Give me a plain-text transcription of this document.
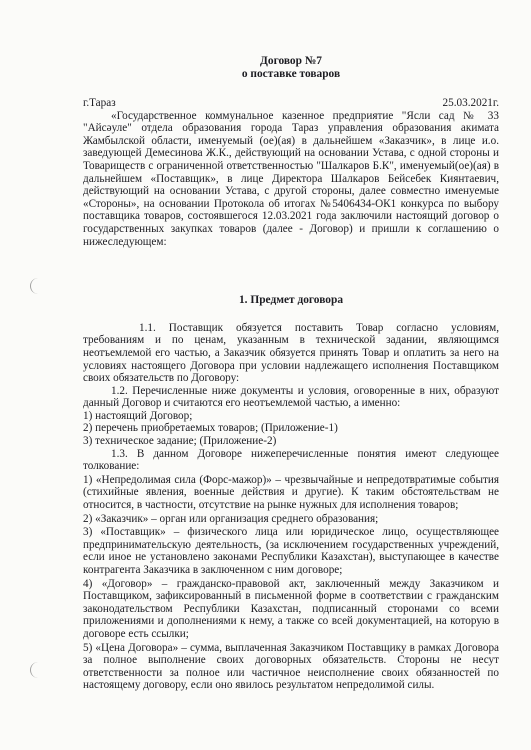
Договор №7
о поставке товаров
г.Тараз	25.03.2021г.

«Государственное коммунальное казенное предприятие "Ясли сад № 33 "Айсәуле" отдела образования города Тараз управления образования акимата Жамбылской области, именуемый (ое)(ая) в дальнейшем «Заказчик», в лице и.о. заведующей Демесинова Ж.К., действующий на основании Устава, с одной стороны и Товариществ с ограниченной ответственностью "Шалкаров Б.К", именуемый(ое)(ая) в дальнейшем «Поставщик», в лице Директора Шалкаров Бейсебек Киянтаевич, действующий на основании Устава, с другой стороны, далее совместно именуемые «Стороны», на основании Протокола об итогах №5406434-ОК1 конкурса по выбору поставщика товаров, состоявшегося 12.03.2021 года заключили настоящий договор о государственных закупках товаров (далее - Договор) и пришли к соглашению о нижеследующем:

1. Предмет договора

1.1. Поставщик обязуется поставить Товар согласно условиям, требованиям и по ценам, указанным в технической задании, являющимся неотъемлемой его частью, а Заказчик обязуется принять Товар и оплатить за него на условиях настоящего Договора при условии надлежащего исполнения Поставщиком своих обязательств по Договору:

1.2. Перечисленные ниже документы и условия, оговоренные в них, образуют данный Договор и считаются его неотъемлемой частью, а именно:

1) настоящий Договор;

2) перечень приобретаемых товаров; (Приложение-1)

3) техническое задание; (Приложение-2)

1.3. В данном Договоре нижеперечисленные понятия имеют следующее толкование:

1) «Непредолимая сила (Форс-мажор)» – чрезвычайные и непредотвратимые события (стихийные явления, военные действия и другие). К таким обстоятельствам не относится, в частности, отсутствие на рынке нужных для исполнения товаров;

2) «Заказчик» – орган или организация среднего образования;

3) «Поставщик» – физического лица или юридическое лицо, осуществляющее предпринимательскую деятельность, (за исключением государственных учреждений, если иное не установлено законами Республики Казахстан), выступающее в качестве контрагента Заказчика в заключенном с ним договоре;

4) «Договор» – гражданско-правовой акт, заключенный между Заказчиком и Поставщиком, зафиксированный в письменной форме в соответствии с гражданским законодательством Республики Казахстан, подписанный сторонами со всеми приложениями и дополнениями к нему, а также со всей документацией, на которую в договоре есть ссылки;

5) «Цена Договора» – сумма, выплаченная Заказчиком Поставщику в рамках Договора за полное выполнение своих договорных обязательств. Стороны не несут ответственности за полное или частичное неисполнение своих обязанностей по настоящему договору, если оно явилось результатом непредолимой силы.
